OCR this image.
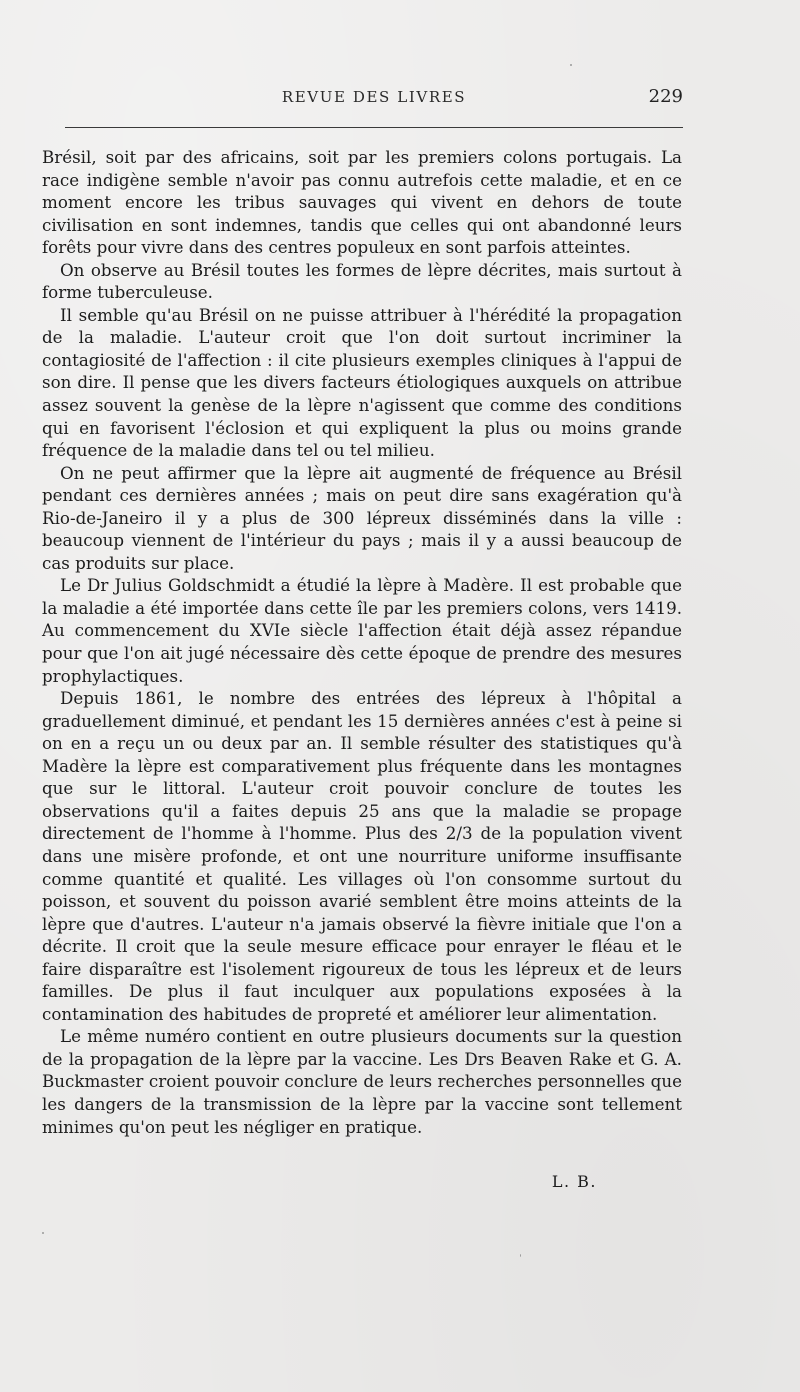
REVUE DES LIVRES	229

Brésil, soit par des africains, soit par les premiers colons portugais. La race indigène semble n'avoir pas connu autrefois cette maladie, et en ce moment encore les tribus sauvages qui vivent en dehors de toute civilisation en sont indemnes, tandis que celles qui ont abandonné leurs forêts pour vivre dans des centres populeux en sont parfois atteintes.

On observe au Brésil toutes les formes de lèpre décrites, mais surtout à forme tuberculeuse.

Il semble qu'au Brésil on ne puisse attribuer à l'hérédité la propagation de la maladie. L'auteur croit que l'on doit surtout incriminer la contagiosité de l'affection : il cite plusieurs exemples cliniques à l'appui de son dire. Il pense que les divers facteurs étiologiques auxquels on attribue assez souvent la genèse de la lèpre n'agissent que comme des conditions qui en favorisent l'éclosion et qui expliquent la plus ou moins grande fréquence de la maladie dans tel ou tel milieu.

On ne peut affirmer que la lèpre ait augmenté de fréquence au Brésil pendant ces dernières années ; mais on peut dire sans exagération qu'à Rio-de-Janeiro il y a plus de 300 lépreux disséminés dans la ville : beaucoup viennent de l'intérieur du pays ; mais il y a aussi beaucoup de cas produits sur place.

Le Dr Julius Goldschmidt a étudié la lèpre à Madère. Il est probable que la maladie a été importée dans cette île par les premiers colons, vers 1419. Au commencement du XVIe siècle l'affection était déjà assez répandue pour que l'on ait jugé nécessaire dès cette époque de prendre des mesures prophylactiques.

Depuis 1861, le nombre des entrées des lépreux à l'hôpital a graduellement diminué, et pendant les 15 dernières années c'est à peine si on en a reçu un ou deux par an. Il semble résulter des statistiques qu'à Madère la lèpre est comparativement plus fréquente dans les montagnes que sur le littoral. L'auteur croit pouvoir conclure de toutes les observations qu'il a faites depuis 25 ans que la maladie se propage directement de l'homme à l'homme. Plus des 2/3 de la population vivent dans une misère profonde, et ont une nourriture uniforme insuffisante comme quantité et qualité. Les villages où l'on consomme surtout du poisson, et souvent du poisson avarié semblent être moins atteints de la lèpre que d'autres. L'auteur n'a jamais observé la fièvre initiale que l'on a décrite. Il croit que la seule mesure efficace pour enrayer le fléau et le faire disparaître est l'isolement rigoureux de tous les lépreux et de leurs familles. De plus il faut inculquer aux populations exposées à la contamination des habitudes de propreté et améliorer leur alimentation.

Le même numéro contient en outre plusieurs documents sur la question de la propagation de la lèpre par la vaccine. Les Drs Beaven Rake et G. A. Buckmaster croient pouvoir conclure de leurs recherches personnelles que les dangers de la transmission de la lèpre par la vaccine sont tellement minimes qu'on peut les négliger en pratique.

L. B.
